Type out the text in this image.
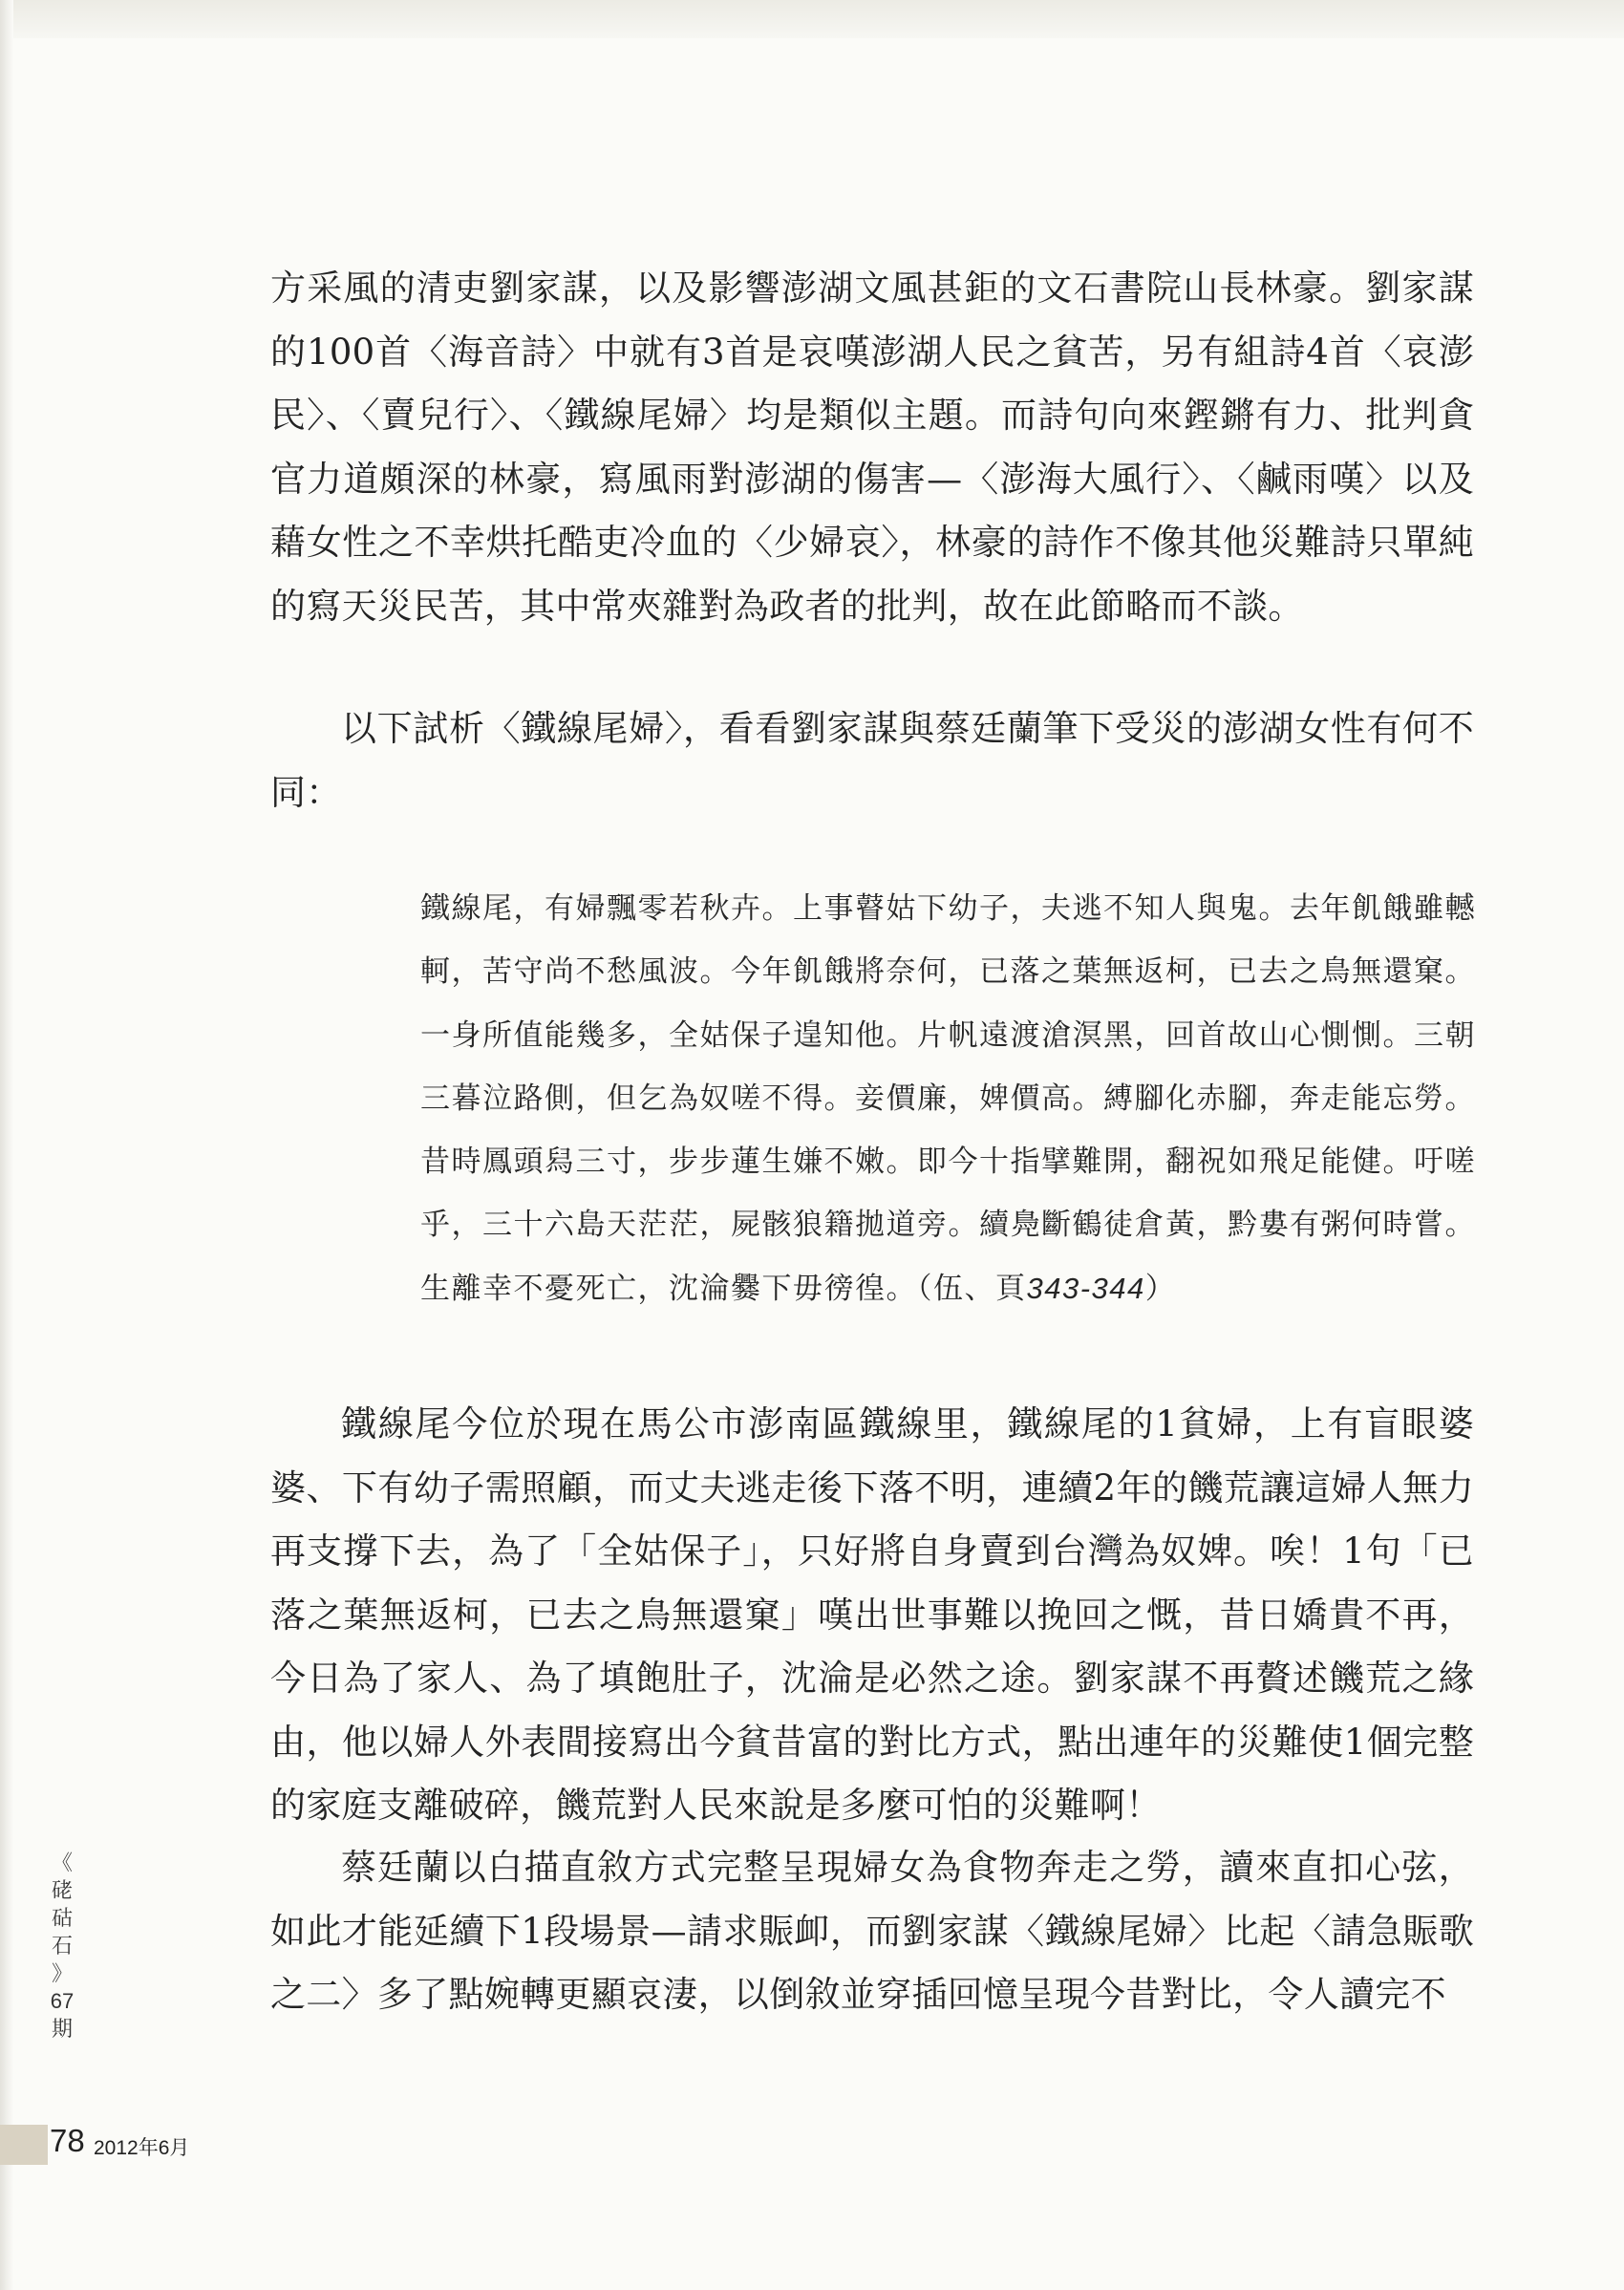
方采風的清吏劉家謀，以及影響澎湖文風甚鉅的文石書院山長林豪。劉家謀的100首〈海音詩〉中就有3首是哀嘆澎湖人民之貧苦，另有組詩4首〈哀澎民〉、〈賣兒行〉、〈鐵線尾婦〉均是類似主題。而詩句向來鏗鏘有力、批判貪官力道頗深的林豪，寫風雨對澎湖的傷害—〈澎海大風行〉、〈鹹雨嘆〉以及藉女性之不幸烘托酷吏冷血的〈少婦哀〉，林豪的詩作不像其他災難詩只單純的寫天災民苦，其中常夾雜對為政者的批判，故在此節略而不談。

以下試析〈鐵線尾婦〉，看看劉家謀與蔡廷蘭筆下受災的澎湖女性有何不同：

鐵線尾，有婦飄零若秋卉。上事瞽姑下幼子，夫逃不知人與鬼。去年飢餓雖轗軻，苦守尚不愁風波。今年飢餓將奈何，已落之葉無返柯，已去之鳥無還窠。一身所值能幾多，全姑保子遑知他。片帆遠渡滄溟黑，回首故山心惻惻。三朝三暮泣路側，但乞為奴嗟不得。妾價廉，婢價高。縛腳化赤腳，奔走能忘勞。昔時鳳頭舄三寸，步步蓮生嫌不嫩。即今十指擘難開，翻祝如飛足能健。吁嗟乎，三十六島天茫茫，屍骸狼籍拋道旁。續鳧斷鶴徒倉黃，黔婁有粥何時嘗。生離幸不憂死亡，沈淪爨下毋徬徨。（伍、頁343-344）

鐵線尾今位於現在馬公市澎南區鐵線里，鐵線尾的1貧婦，上有盲眼婆婆、下有幼子需照顧，而丈夫逃走後下落不明，連續2年的饑荒讓這婦人無力再支撐下去，為了「全姑保子」，只好將自身賣到台灣為奴婢。唉！1句「已落之葉無返柯，已去之鳥無還窠」嘆出世事難以挽回之慨，昔日嬌貴不再，今日為了家人、為了填飽肚子，沈淪是必然之途。劉家謀不再贅述饑荒之緣由，他以婦人外表間接寫出今貧昔富的對比方式，點出連年的災難使1個完整的家庭支離破碎，饑荒對人民來說是多麼可怕的災難啊！

蔡廷蘭以白描直敘方式完整呈現婦女為食物奔走之勞，讀來直扣心弦，如此才能延續下1段場景—請求賑卹，而劉家謀〈鐵線尾婦〉比起〈請急賑歌之二〉多了點婉轉更顯哀淒，以倒敘並穿插回憶呈現今昔對比，令人讀完不

《
硓
𥑮
石
》
67
期
78 2012年6月
